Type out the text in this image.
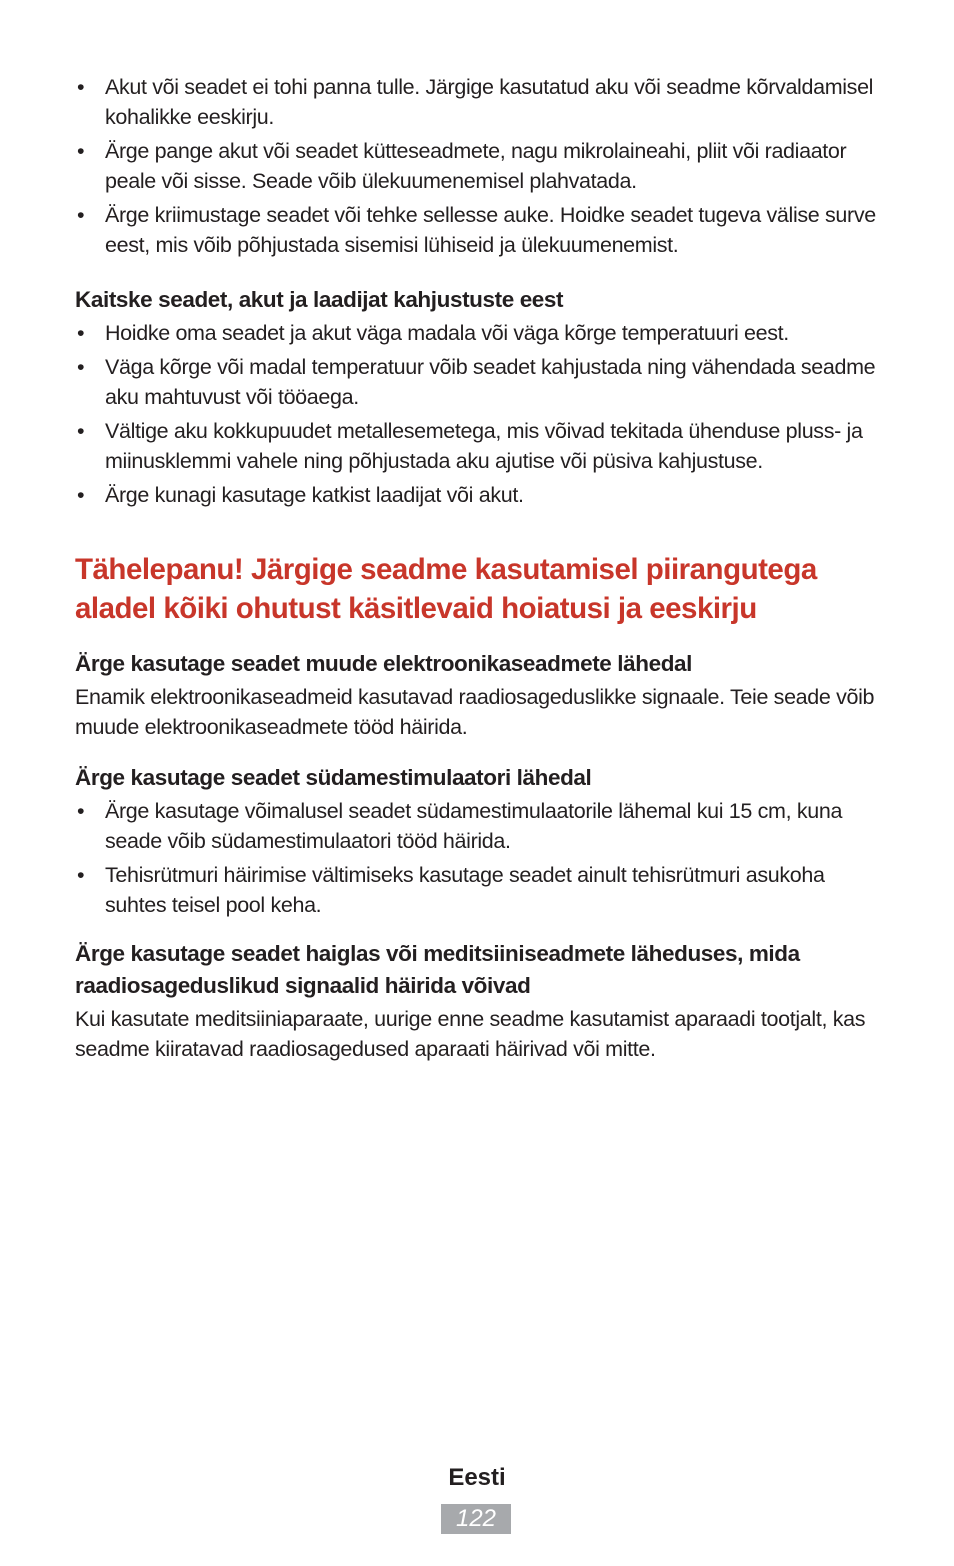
• Akut või seadet ei tohi panna tulle. Järgige kasutatud aku või seadme kõrvaldamisel kohalikke eeskirju.
• Ärge pange akut või seadet kütteseadmete, nagu mikrolaineahi, pliit või radiaator peale või sisse. Seade võib ülekuumenemisel plahvatada.
• Ärge kriimustage seadet või tehke sellesse auke. Hoidke seadet tugeva välise surve eest, mis võib põhjustada sisemisi lühiseid ja ülekuumenemist.
Kaitske seadet, akut ja laadijat kahjustuste eest
• Hoidke oma seadet ja akut väga madala või väga kõrge temperatuuri eest.
• Väga kõrge või madal temperatuur võib seadet kahjustada ning vähendada seadme aku mahtuvust või tööaega.
• Vältige aku kokkupuudet metallesemetega, mis võivad tekitada ühenduse pluss- ja miinusklemmi vahele ning põhjustada aku ajutise või püsiva kahjustuse.
• Ärge kunagi kasutage katkist laadijat või akut.
Tähelepanu! Järgige seadme kasutamisel piirangutega aladel kõiki ohutust käsitlevaid hoiatusi ja eeskirju
Ärge kasutage seadet muude elektroonikaseadmete lähedal

Enamik elektroonikaseadmeid kasutavad raadiosageduslikke signaale. Teie seade võib muude elektroonikaseadmete tööd häirida.

Ärge kasutage seadet südamestimulaatori lähedal
• Ärge kasutage võimalusel seadet südamestimulaatorile lähemal kui 15 cm, kuna seade võib südamestimulaatori tööd häirida.
• Tehisrütmuri häirimise vältimiseks kasutage seadet ainult tehisrütmuri asukoha suhtes teisel pool keha.
Ärge kasutage seadet haiglas või meditsiiniseadmete läheduses, mida raadiosageduslikud signaalid häirida võivad

Kui kasutate meditsiiniaparaate, uurige enne seadme kasutamist aparaadi tootjalt, kas seadme kiiratavad raadiosagedused aparaati häirivad või mitte.

Eesti
122
